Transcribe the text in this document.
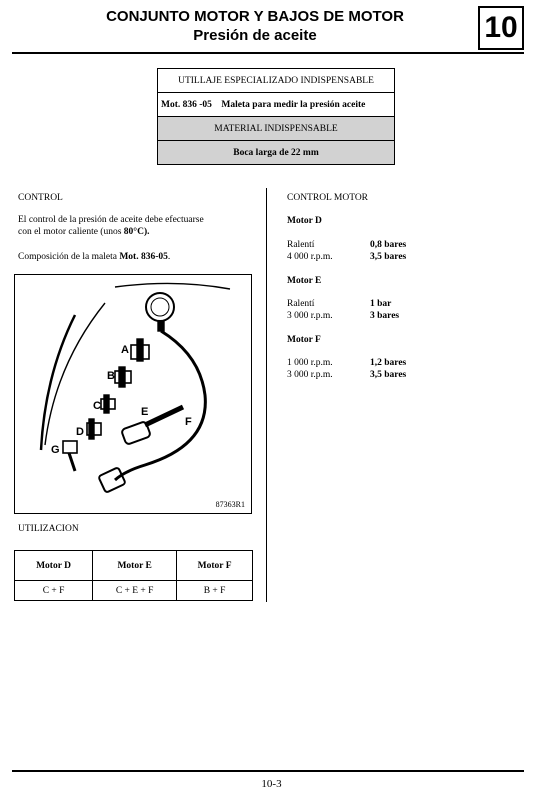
CONJUNTO MOTOR Y BAJOS DE MOTOR
Presión de aceite	10
UTILLAJE ESPECIALIZADO INDISPENSABLE
Mot. 836 -05 Maleta para medir la presión aceite
MATERIAL INDISPENSABLE
Boca larga de 22 mm
CONTROL
El control de la presión de aceite debe efectuarse
con el motor caliente (unos 80°C).
Composición de la maleta Mot. 836-05.
A
B
C
D
E
F
G
87363R1
UTILIZACION
Motor D	Motor E	Motor F
C + F	C + E + F	B + F
CONTROL MOTOR
Motor D
Ralentí	0,8 bares
4 000 r.p.m.	3,5 bares
Motor E
Ralentí	1 bar
3 000 r.p.m.	3 bares
Motor F
1 000 r.p.m.	1,2 bares
3 000 r.p.m.	3,5 bares
10-3
